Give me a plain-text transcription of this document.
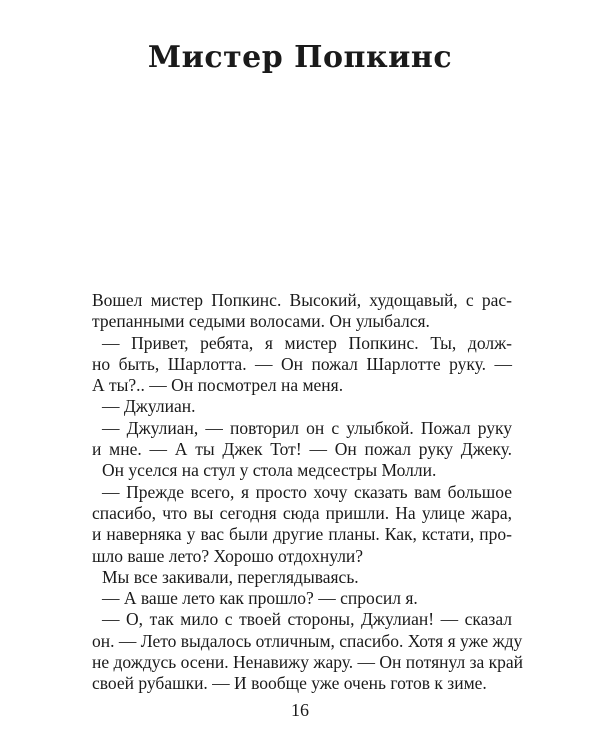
Мистер Попкинс
Вошел мистер Попкинс. Высокий, худощавый, с рас-
трепанными седыми волосами. Он улыбался.
— Привет, ребята, я мистер Попкинс. Ты, долж-
но быть, Шарлотта. — Он пожал Шарлотте руку. —
А ты?.. — Он посмотрел на меня.
— Джулиан.
— Джулиан, — повторил он с улыбкой. Пожал руку
и мне. — А ты Джек Тот! — Он пожал руку Джеку.
Он уселся на стул у стола медсестры Молли.
— Прежде всего, я просто хочу сказать вам большое
спасибо, что вы сегодня сюда пришли. На улице жара,
и наверняка у вас были другие планы. Как, кстати, про-
шло ваше лето? Хорошо отдохнули?
Мы все закивали, переглядываясь.
— А ваше лето как прошло? — спросил я.
— О, так мило с твоей стороны, Джулиан! — сказал
он. — Лето выдалось отличным, спасибо. Хотя я уже жду
не дождусь осени. Ненавижу жару. — Он потянул за край
своей рубашки. — И вообще уже очень готов к зиме.
16
